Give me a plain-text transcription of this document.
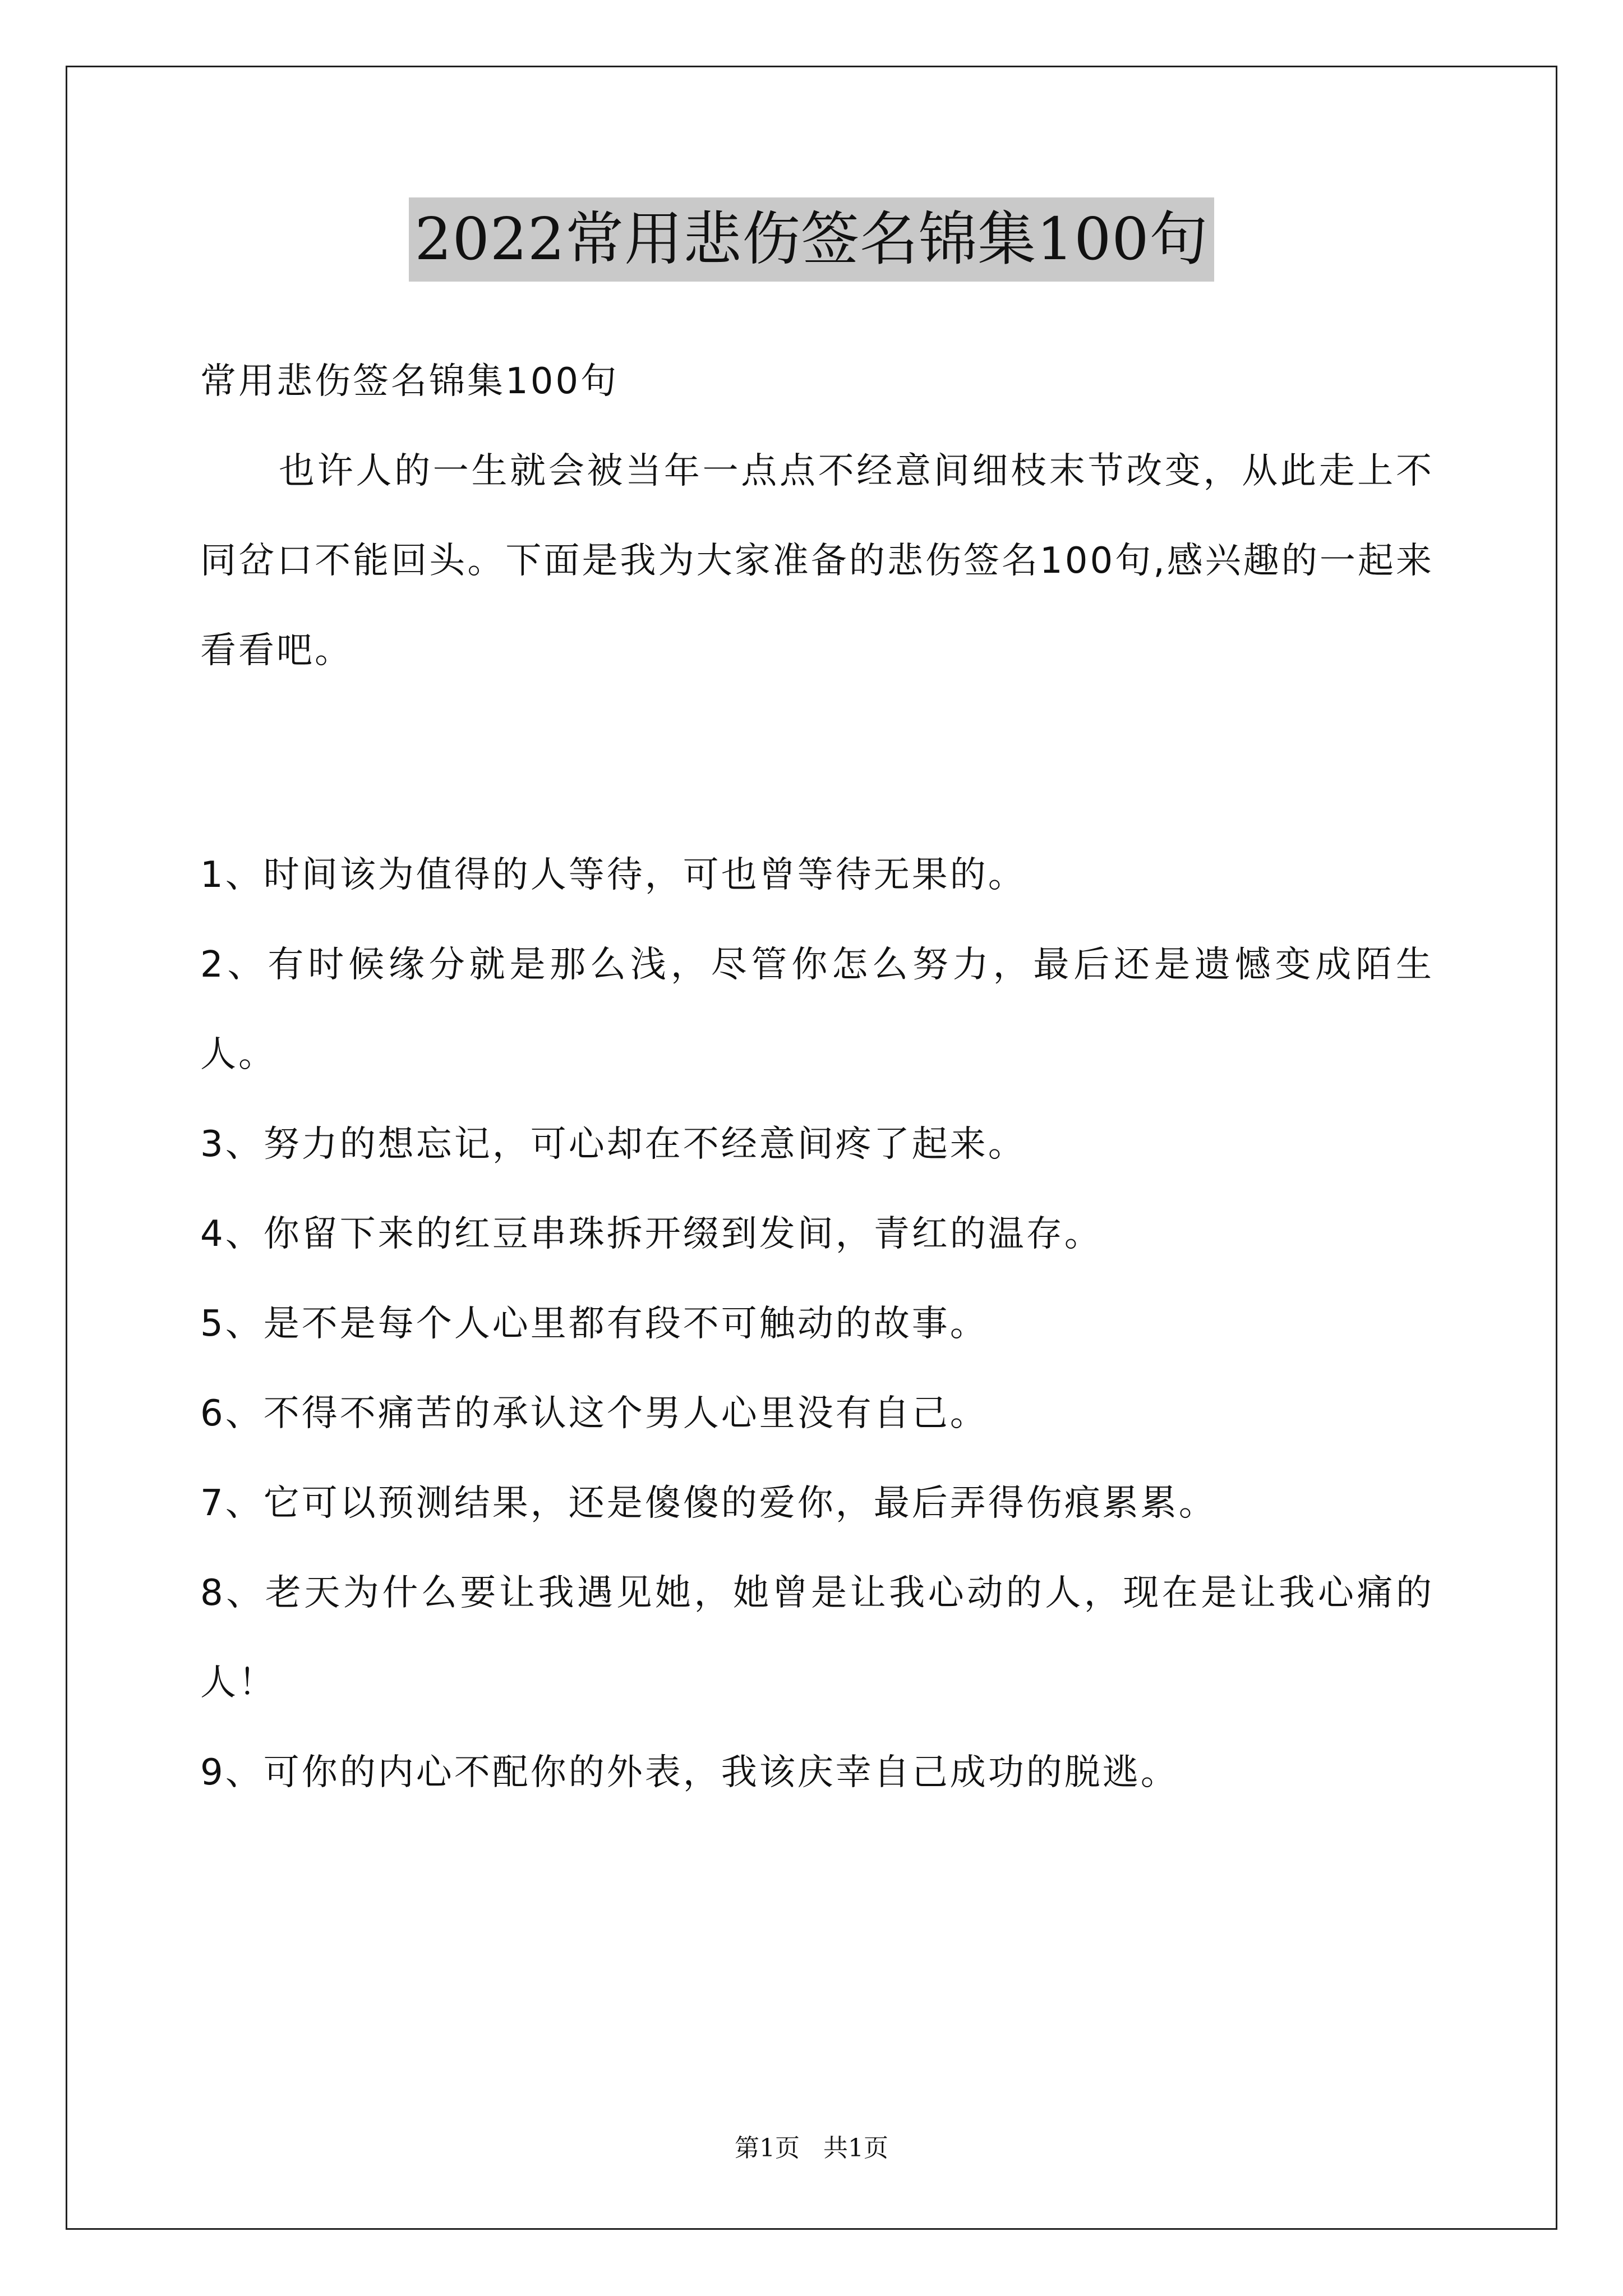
2022常用悲伤签名锦集100句

常用悲伤签名锦集100句

也许人的一生就会被当年一点点不经意间细枝末节改变，从此走上不同岔口不能回头。下面是我为大家准备的悲伤签名100句,感兴趣的一起来看看吧。

1、时间该为值得的人等待，可也曾等待无果的。

2、有时候缘分就是那么浅，尽管你怎么努力，最后还是遗憾变成陌生人。

3、努力的想忘记，可心却在不经意间疼了起来。

4、你留下来的红豆串珠拆开缀到发间，青红的温存。

5、是不是每个人心里都有段不可触动的故事。

6、不得不痛苦的承认这个男人心里没有自己。

7、它可以预测结果，还是傻傻的爱你，最后弄得伤痕累累。

8、老天为什么要让我遇见她，她曾是让我心动的人，现在是让我心痛的人！

9、可你的内心不配你的外表，我该庆幸自己成功的脱逃。

第1页   共1页
